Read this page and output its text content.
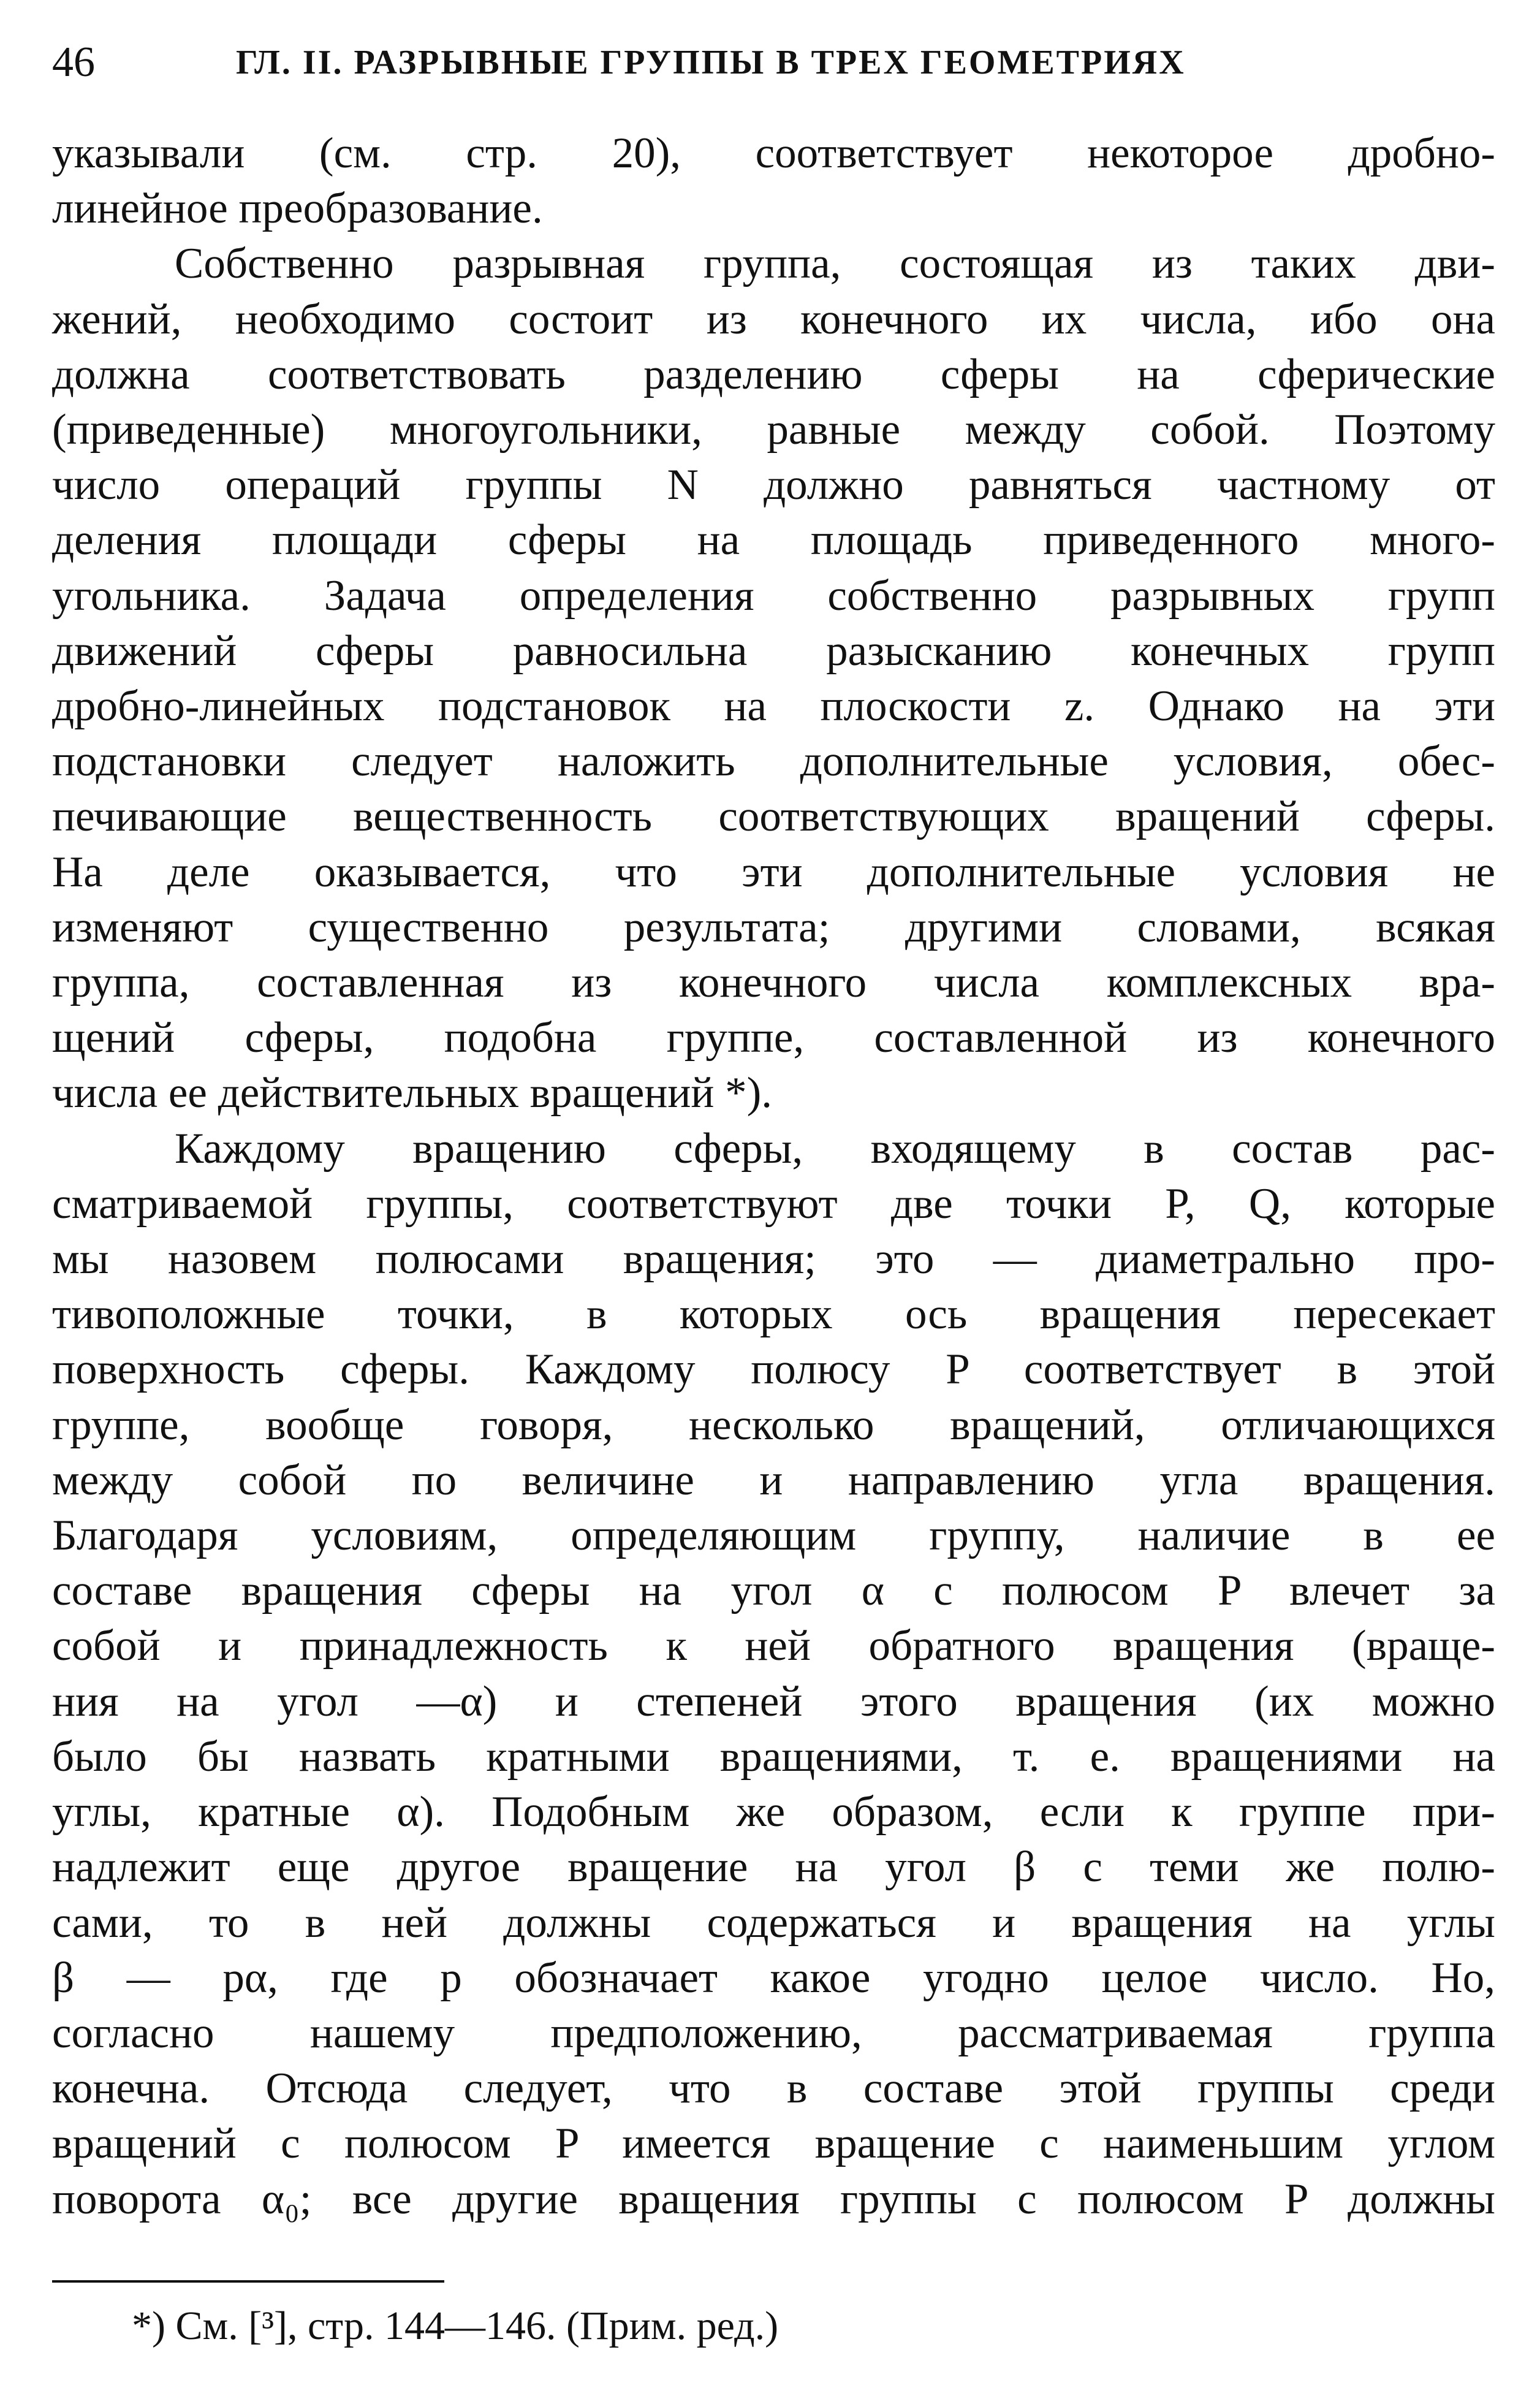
46	ГЛ. II. РАЗРЫВНЫЕ ГРУППЫ В ТРЕХ ГЕОМЕТРИЯХ

указывали (см. стр. 20), соответствует некоторое дробно-
линейное преобразование.

Собственно разрывная группа, состоящая из таких дви-
жений, необходимо состоит из конечного их числа, ибо она
должна соответствовать разделению сферы на сферические
(приведенные) многоугольники, равные между собой. Поэтому
число операций группы N должно равняться частному от
деления площади сферы на площадь приведенного много-
угольника. Задача определения собственно разрывных групп
движений сферы равносильна разысканию конечных групп
дробно-линейных подстановок на плоскости z. Однако на эти
подстановки следует наложить дополнительные условия, обес-
печивающие вещественность соответствующих вращений сферы.
На деле оказывается, что эти дополнительные условия не
изменяют существенно результата; другими словами, всякая
группа, составленная из конечного числа комплексных вра-
щений сферы, подобна группе, составленной из конечного
числа ее действительных вращений *).

Каждому вращению сферы, входящему в состав рас-
сматриваемой группы, соответствуют две точки P, Q, которые
мы назовем полюсами вращения; это — диаметрально про-
тивоположные точки, в которых ось вращения пересекает
поверхность сферы. Каждому полюсу P соответствует в этой
группе, вообще говоря, несколько вращений, отличающихся
между собой по величине и направлению угла вращения.
Благодаря условиям, определяющим группу, наличие в ее
составе вращения сферы на угол α с полюсом P влечет за
собой и принадлежность к ней обратного вращения (враще-
ния на угол —α) и степеней этого вращения (их можно
было бы назвать кратными вращениями, т. е. вращениями на
углы, кратные α). Подобным же образом, если к группе при-
надлежит еще другое вращение на угол β с теми же полю-
сами, то в ней должны содержаться и вращения на углы
β — pα, где p обозначает какое угодно целое число. Но,
согласно нашему предположению, рассматриваемая группа
конечна. Отсюда следует, что в составе этой группы среди
вращений с полюсом P имеется вращение с наименьшим углом
поворота α₀; все другие вращения группы с полюсом P должны

*) См. [³], стр. 144—146. (Прим. ред.)
